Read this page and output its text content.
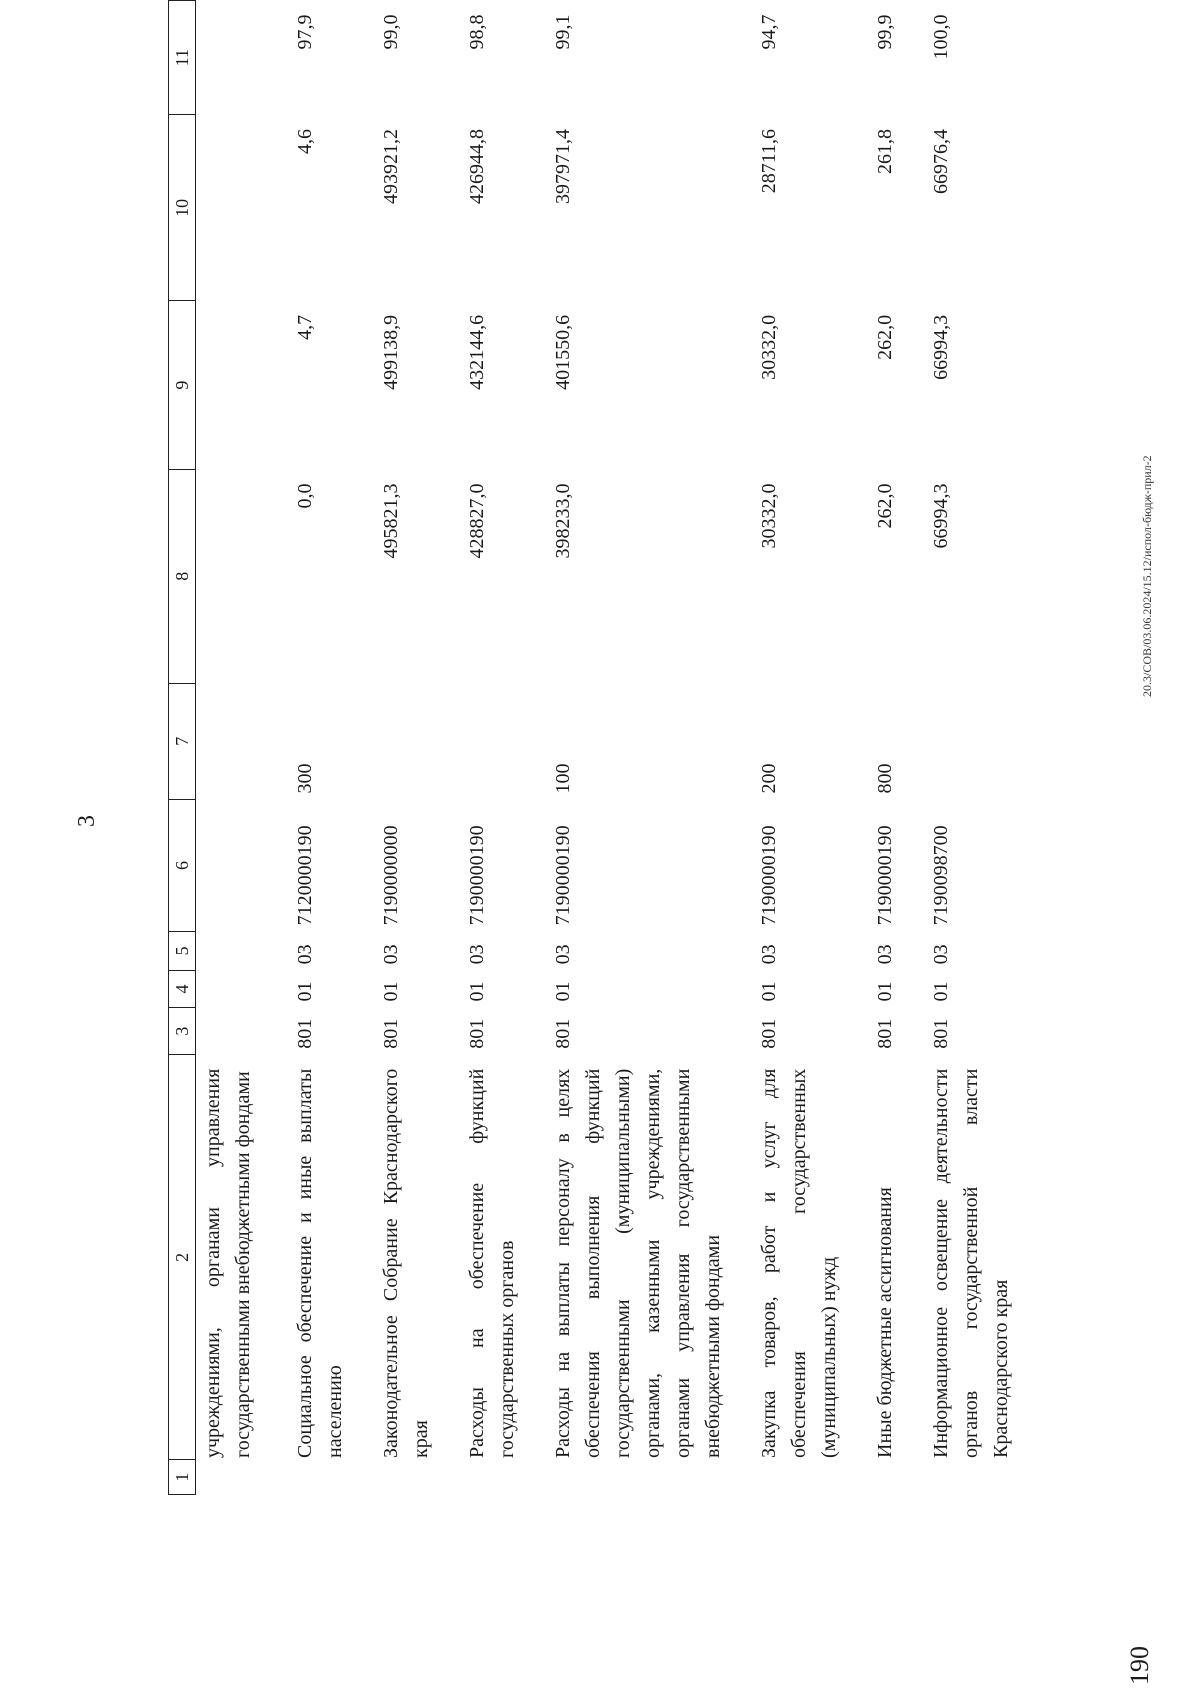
3
1	2	3	4	5	6	7	8	9	10	11
	учреждениями, органами управления государственными внебюджетными фондами									
	Социальное обеспечение и иные выплаты населению	801	01	03	7120000190	300	0,0	4,7	4,6	97,9
	Законодательное Собрание Краснодарского края	801	01	03	7190000000		495821,3	499138,9	493921,2	99,0
	Расходы на обеспечение функций государственных органов	801	01	03	7190000190		428827,0	432144,6	426944,8	98,8
	Расходы на выплаты персоналу в целях обеспечения выполнения функций государственными (муниципальными) органами, казенными учреждениями, органами управления государственными внебюджетными фондами	801	01	03	7190000190	100	398233,0	401550,6	397971,4	99,1
	Закупка товаров, работ и услуг для обеспечения государственных (муниципальных) нужд	801	01	03	7190000190	200	30332,0	30332,0	28711,6	94,7
	Иные бюджетные ассигнования	801	01	03	7190000190	800	262,0	262,0	261,8	99,9
	Информационное освещение деятельности органов государственной власти Краснодарского края	801	01	03	7190098700		66994,3	66994,3	66976,4	100,0
20.3/СОВ/03.06.2024/15.12/испол-бюдж-прил-2
190
